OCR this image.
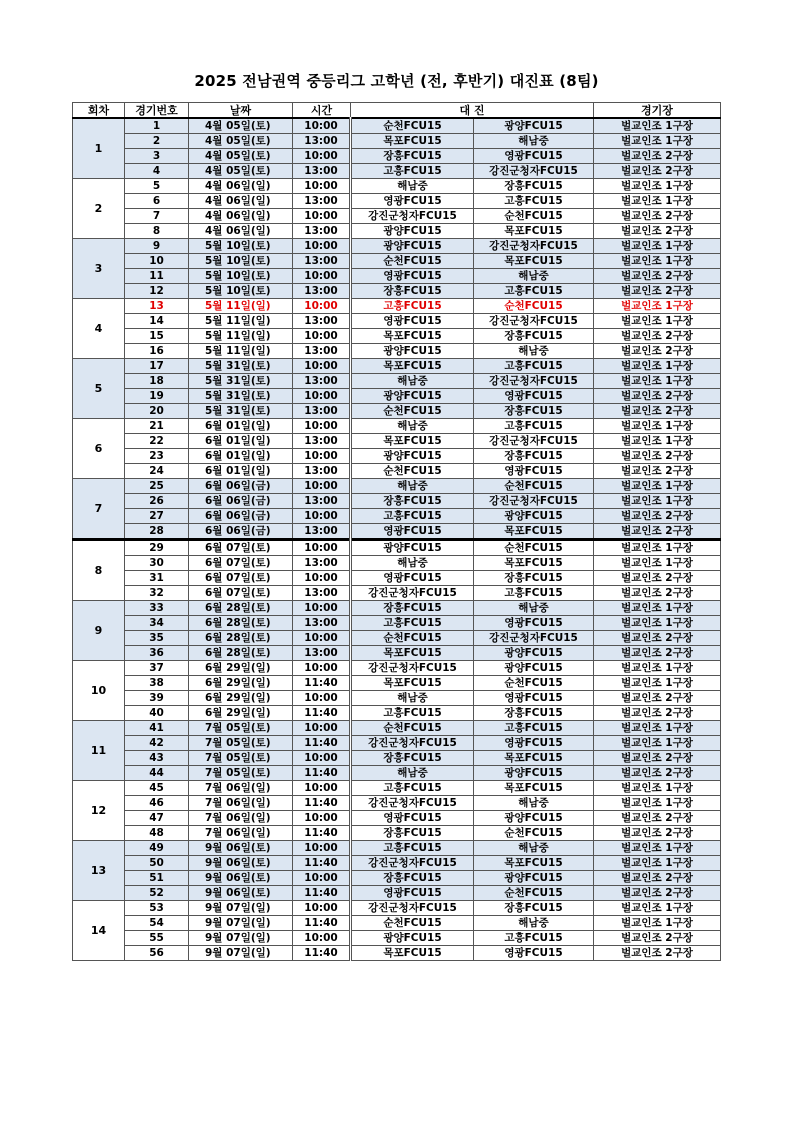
2025 전남권역 중등리그 고학년 (전, 후반기) 대진표 (8팀)
회차	경기번호	날짜	시간	대 진		경기장
1	1	4월 05일(토)	10:00	순천FCU15	광양FCU15	벌교인조 1구장
	2	4월 05일(토)	13:00	목포FCU15	해남중	벌교인조 1구장
	3	4월 05일(토)	10:00	장흥FCU15	영광FCU15	벌교인조 2구장
	4	4월 05일(토)	13:00	고흥FCU15	강진군청자FCU15	벌교인조 2구장
2	5	4월 06일(일)	10:00	해남중	장흥FCU15	벌교인조 1구장
	6	4월 06일(일)	13:00	영광FCU15	고흥FCU15	벌교인조 1구장
	7	4월 06일(일)	10:00	강진군청자FCU15	순천FCU15	벌교인조 2구장
	8	4월 06일(일)	13:00	광양FCU15	목포FCU15	벌교인조 2구장
3	9	5월 10일(토)	10:00	광양FCU15	강진군청자FCU15	벌교인조 1구장
	10	5월 10일(토)	13:00	순천FCU15	목포FCU15	벌교인조 1구장
	11	5월 10일(토)	10:00	영광FCU15	해남중	벌교인조 2구장
	12	5월 10일(토)	13:00	장흥FCU15	고흥FCU15	벌교인조 2구장
4	13	5월 11일(일)	10:00	고흥FCU15	순천FCU15	벌교인조 1구장
	14	5월 11일(일)	13:00	영광FCU15	강진군청자FCU15	벌교인조 1구장
	15	5월 11일(일)	10:00	목포FCU15	장흥FCU15	벌교인조 2구장
	16	5월 11일(일)	13:00	광양FCU15	해남중	벌교인조 2구장
5	17	5월 31일(토)	10:00	목포FCU15	고흥FCU15	벌교인조 1구장
	18	5월 31일(토)	13:00	해남중	강진군청자FCU15	벌교인조 1구장
	19	5월 31일(토)	10:00	광양FCU15	영광FCU15	벌교인조 2구장
	20	5월 31일(토)	13:00	순천FCU15	장흥FCU15	벌교인조 2구장
6	21	6월 01일(일)	10:00	해남중	고흥FCU15	벌교인조 1구장
	22	6월 01일(일)	13:00	목포FCU15	강진군청자FCU15	벌교인조 1구장
	23	6월 01일(일)	10:00	광양FCU15	장흥FCU15	벌교인조 2구장
	24	6월 01일(일)	13:00	순천FCU15	영광FCU15	벌교인조 2구장
7	25	6월 06일(금)	10:00	해남중	순천FCU15	벌교인조 1구장
	26	6월 06일(금)	13:00	장흥FCU15	강진군청자FCU15	벌교인조 1구장
	27	6월 06일(금)	10:00	고흥FCU15	광양FCU15	벌교인조 2구장
	28	6월 06일(금)	13:00	영광FCU15	목포FCU15	벌교인조 2구장
8	29	6월 07일(토)	10:00	광양FCU15	순천FCU15	벌교인조 1구장
	30	6월 07일(토)	13:00	해남중	목포FCU15	벌교인조 1구장
	31	6월 07일(토)	10:00	영광FCU15	장흥FCU15	벌교인조 2구장
	32	6월 07일(토)	13:00	강진군청자FCU15	고흥FCU15	벌교인조 2구장
9	33	6월 28일(토)	10:00	장흥FCU15	해남중	벌교인조 1구장
	34	6월 28일(토)	13:00	고흥FCU15	영광FCU15	벌교인조 1구장
	35	6월 28일(토)	10:00	순천FCU15	강진군청자FCU15	벌교인조 2구장
	36	6월 28일(토)	13:00	목포FCU15	광양FCU15	벌교인조 2구장
10	37	6월 29일(일)	10:00	강진군청자FCU15	광양FCU15	벌교인조 1구장
	38	6월 29일(일)	11:40	목포FCU15	순천FCU15	벌교인조 1구장
	39	6월 29일(일)	10:00	해남중	영광FCU15	벌교인조 2구장
	40	6월 29일(일)	11:40	고흥FCU15	장흥FCU15	벌교인조 2구장
11	41	7월 05일(토)	10:00	순천FCU15	고흥FCU15	벌교인조 1구장
	42	7월 05일(토)	11:40	강진군청자FCU15	영광FCU15	벌교인조 1구장
	43	7월 05일(토)	10:00	장흥FCU15	목포FCU15	벌교인조 2구장
	44	7월 05일(토)	11:40	해남중	광양FCU15	벌교인조 2구장
12	45	7월 06일(일)	10:00	고흥FCU15	목포FCU15	벌교인조 1구장
	46	7월 06일(일)	11:40	강진군청자FCU15	해남중	벌교인조 1구장
	47	7월 06일(일)	10:00	영광FCU15	광양FCU15	벌교인조 2구장
	48	7월 06일(일)	11:40	장흥FCU15	순천FCU15	벌교인조 2구장
13	49	9월 06일(토)	10:00	고흥FCU15	해남중	벌교인조 1구장
	50	9월 06일(토)	11:40	강진군청자FCU15	목포FCU15	벌교인조 1구장
	51	9월 06일(토)	10:00	장흥FCU15	광양FCU15	벌교인조 2구장
	52	9월 06일(토)	11:40	영광FCU15	순천FCU15	벌교인조 2구장
14	53	9월 07일(일)	10:00	강진군청자FCU15	장흥FCU15	벌교인조 1구장
	54	9월 07일(일)	11:40	순천FCU15	해남중	벌교인조 1구장
	55	9월 07일(일)	10:00	광양FCU15	고흥FCU15	벌교인조 2구장
	56	9월 07일(일)	11:40	목포FCU15	영광FCU15	벌교인조 2구장
